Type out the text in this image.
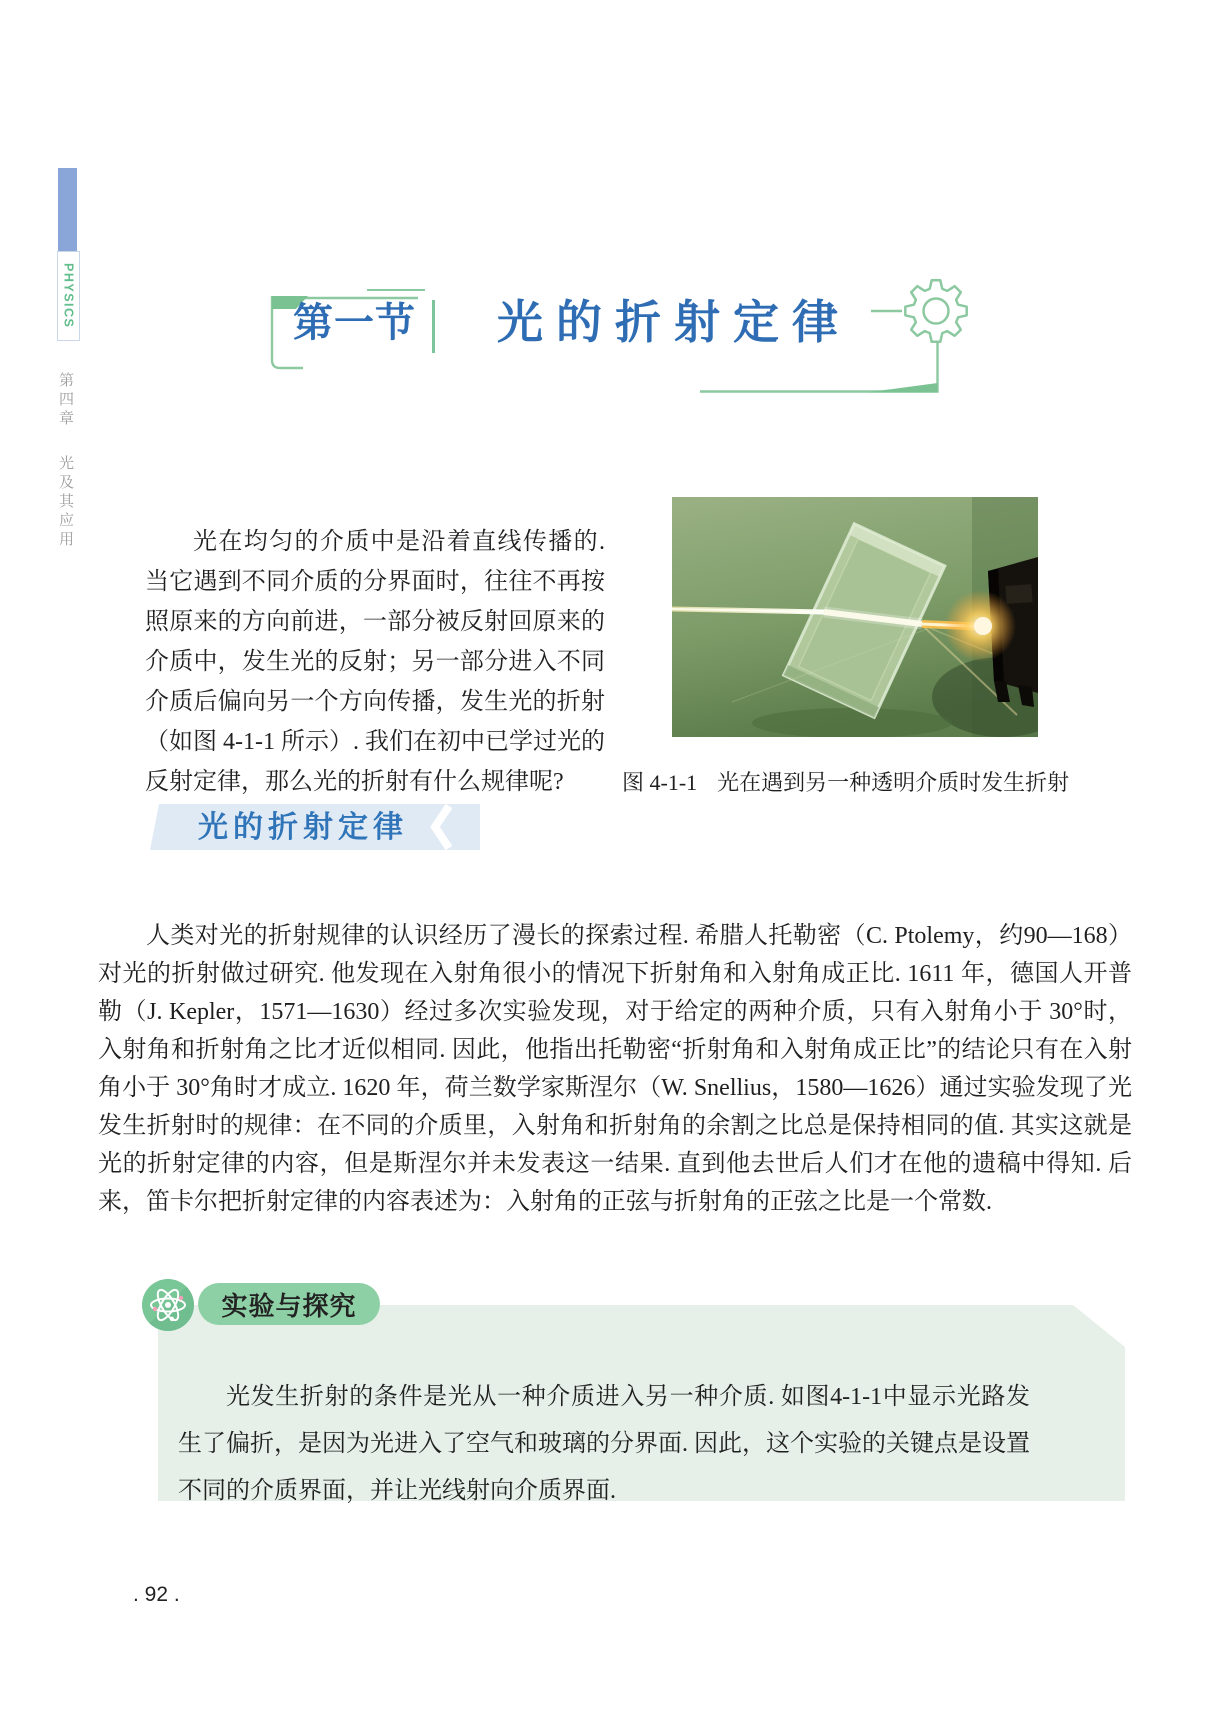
PHYSICS
第四章光及其应用
第一节 光的折射定律

光在均匀的介质中是沿着直线传播的. 当它遇到不同介质的分界面时，往往不再按照原来的方向前进，一部分被反射回原来的介质中，发生光的反射；另一部分进入不同介质后偏向另一个方向传播，发生光的折射（如图 4-1-1 所示）. 我们在初中已学过光的反射定律，那么光的折射有什么规律呢?	图 4-1-1 光在遇到另一种透明介质时发生折射
光的折射定律

人类对光的折射规律的认识经历了漫长的探索过程. 希腊人托勒密（C. Ptolemy，约90—168）对光的折射做过研究. 他发现在入射角很小的情况下折射角和入射角成正比. 1611 年，德国人开普勒（J. Kepler，1571—1630）经过多次实验发现，对于给定的两种介质，只有入射角小于 30°时，入射角和折射角之比才近似相同. 因此，他指出托勒密“折射角和入射角成正比”的结论只有在入射角小于 30°角时才成立. 1620 年，荷兰数学家斯涅尔（W. Snellius，1580—1626）通过实验发现了光发生折射时的规律：在不同的介质里，入射角和折射角的余割之比总是保持相同的值. 其实这就是光的折射定律的内容，但是斯涅尔并未发表这一结果. 直到他去世后人们才在他的遗稿中得知. 后来，笛卡尔把折射定律的内容表述为：入射角的正弦与折射角的正弦之比是一个常数.

实验与探究

光发生折射的条件是光从一种介质进入另一种介质. 如图4-1-1中显示光路发生了偏折，是因为光进入了空气和玻璃的分界面. 因此，这个实验的关键点是设置不同的介质界面，并让光线射向介质界面.

. 92 .
